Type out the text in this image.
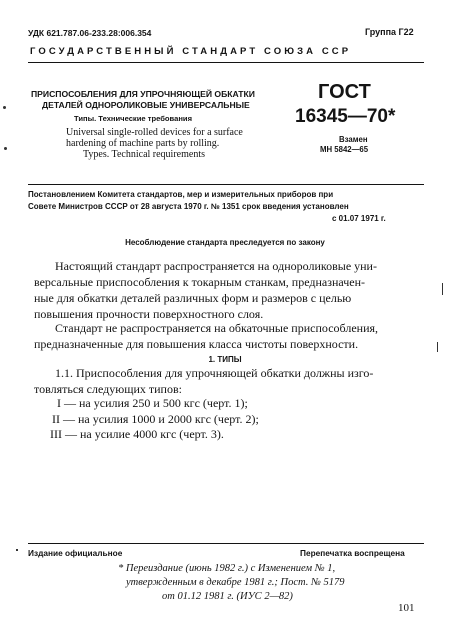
УДК 621.787.06-233.28:006.354	Группа Г22
ГОСУДАРСТВЕННЫЙ СТАНДАРТ СОЮЗА ССР
ПРИСПОСОБЛЕНИЯ ДЛЯ УПРОЧНЯЮЩЕЙ ОБКАТКИ
ДЕТАЛЕЙ ОДНОРОЛИКОВЫЕ УНИВЕРСАЛЬНЫЕ
Типы. Технические требования
Universal single-rolled devices for a surface
hardening of machine parts by rolling.
Types. Technical requirements
ГОСТ
16345—70*
Взамен
МН 5842—65
Постановлением Комитета стандартов, мер и измерительных приборов при
Совете Министров СССР от 28 августа 1970 г. № 1351 срок введения установлен
с 01.07 1971 г.
Несоблюдение стандарта преследуется по закону
Настоящий стандарт распространяется на однороликовые уни-
версальные приспособления к токарным станкам, предназначен-
ные для обкатки деталей различных форм и размеров с целью
повышения прочности поверхностного слоя.
Стандарт не распространяется на обкаточные приспособления,
предназначенные для повышения класса чистоты поверхности.
1. ТИПЫ
1.1. Приспособления для упрочняющей обкатки должны изго-
товляться следующих типов:
I — на усилия 250 и 500 кгс (черт. 1);
II — на усилия 1000 и 2000 кгс (черт. 2);
III — на усилие 4000 кгс (черт. 3).
Издание официальное	Перепечатка воспрещена
* Переиздание (июнь 1982 г.) с Изменением № 1,
утвержденным в декабре 1981 г.; Пост. № 5179
от 01.12 1981 г. (ИУС 2—82)
101
